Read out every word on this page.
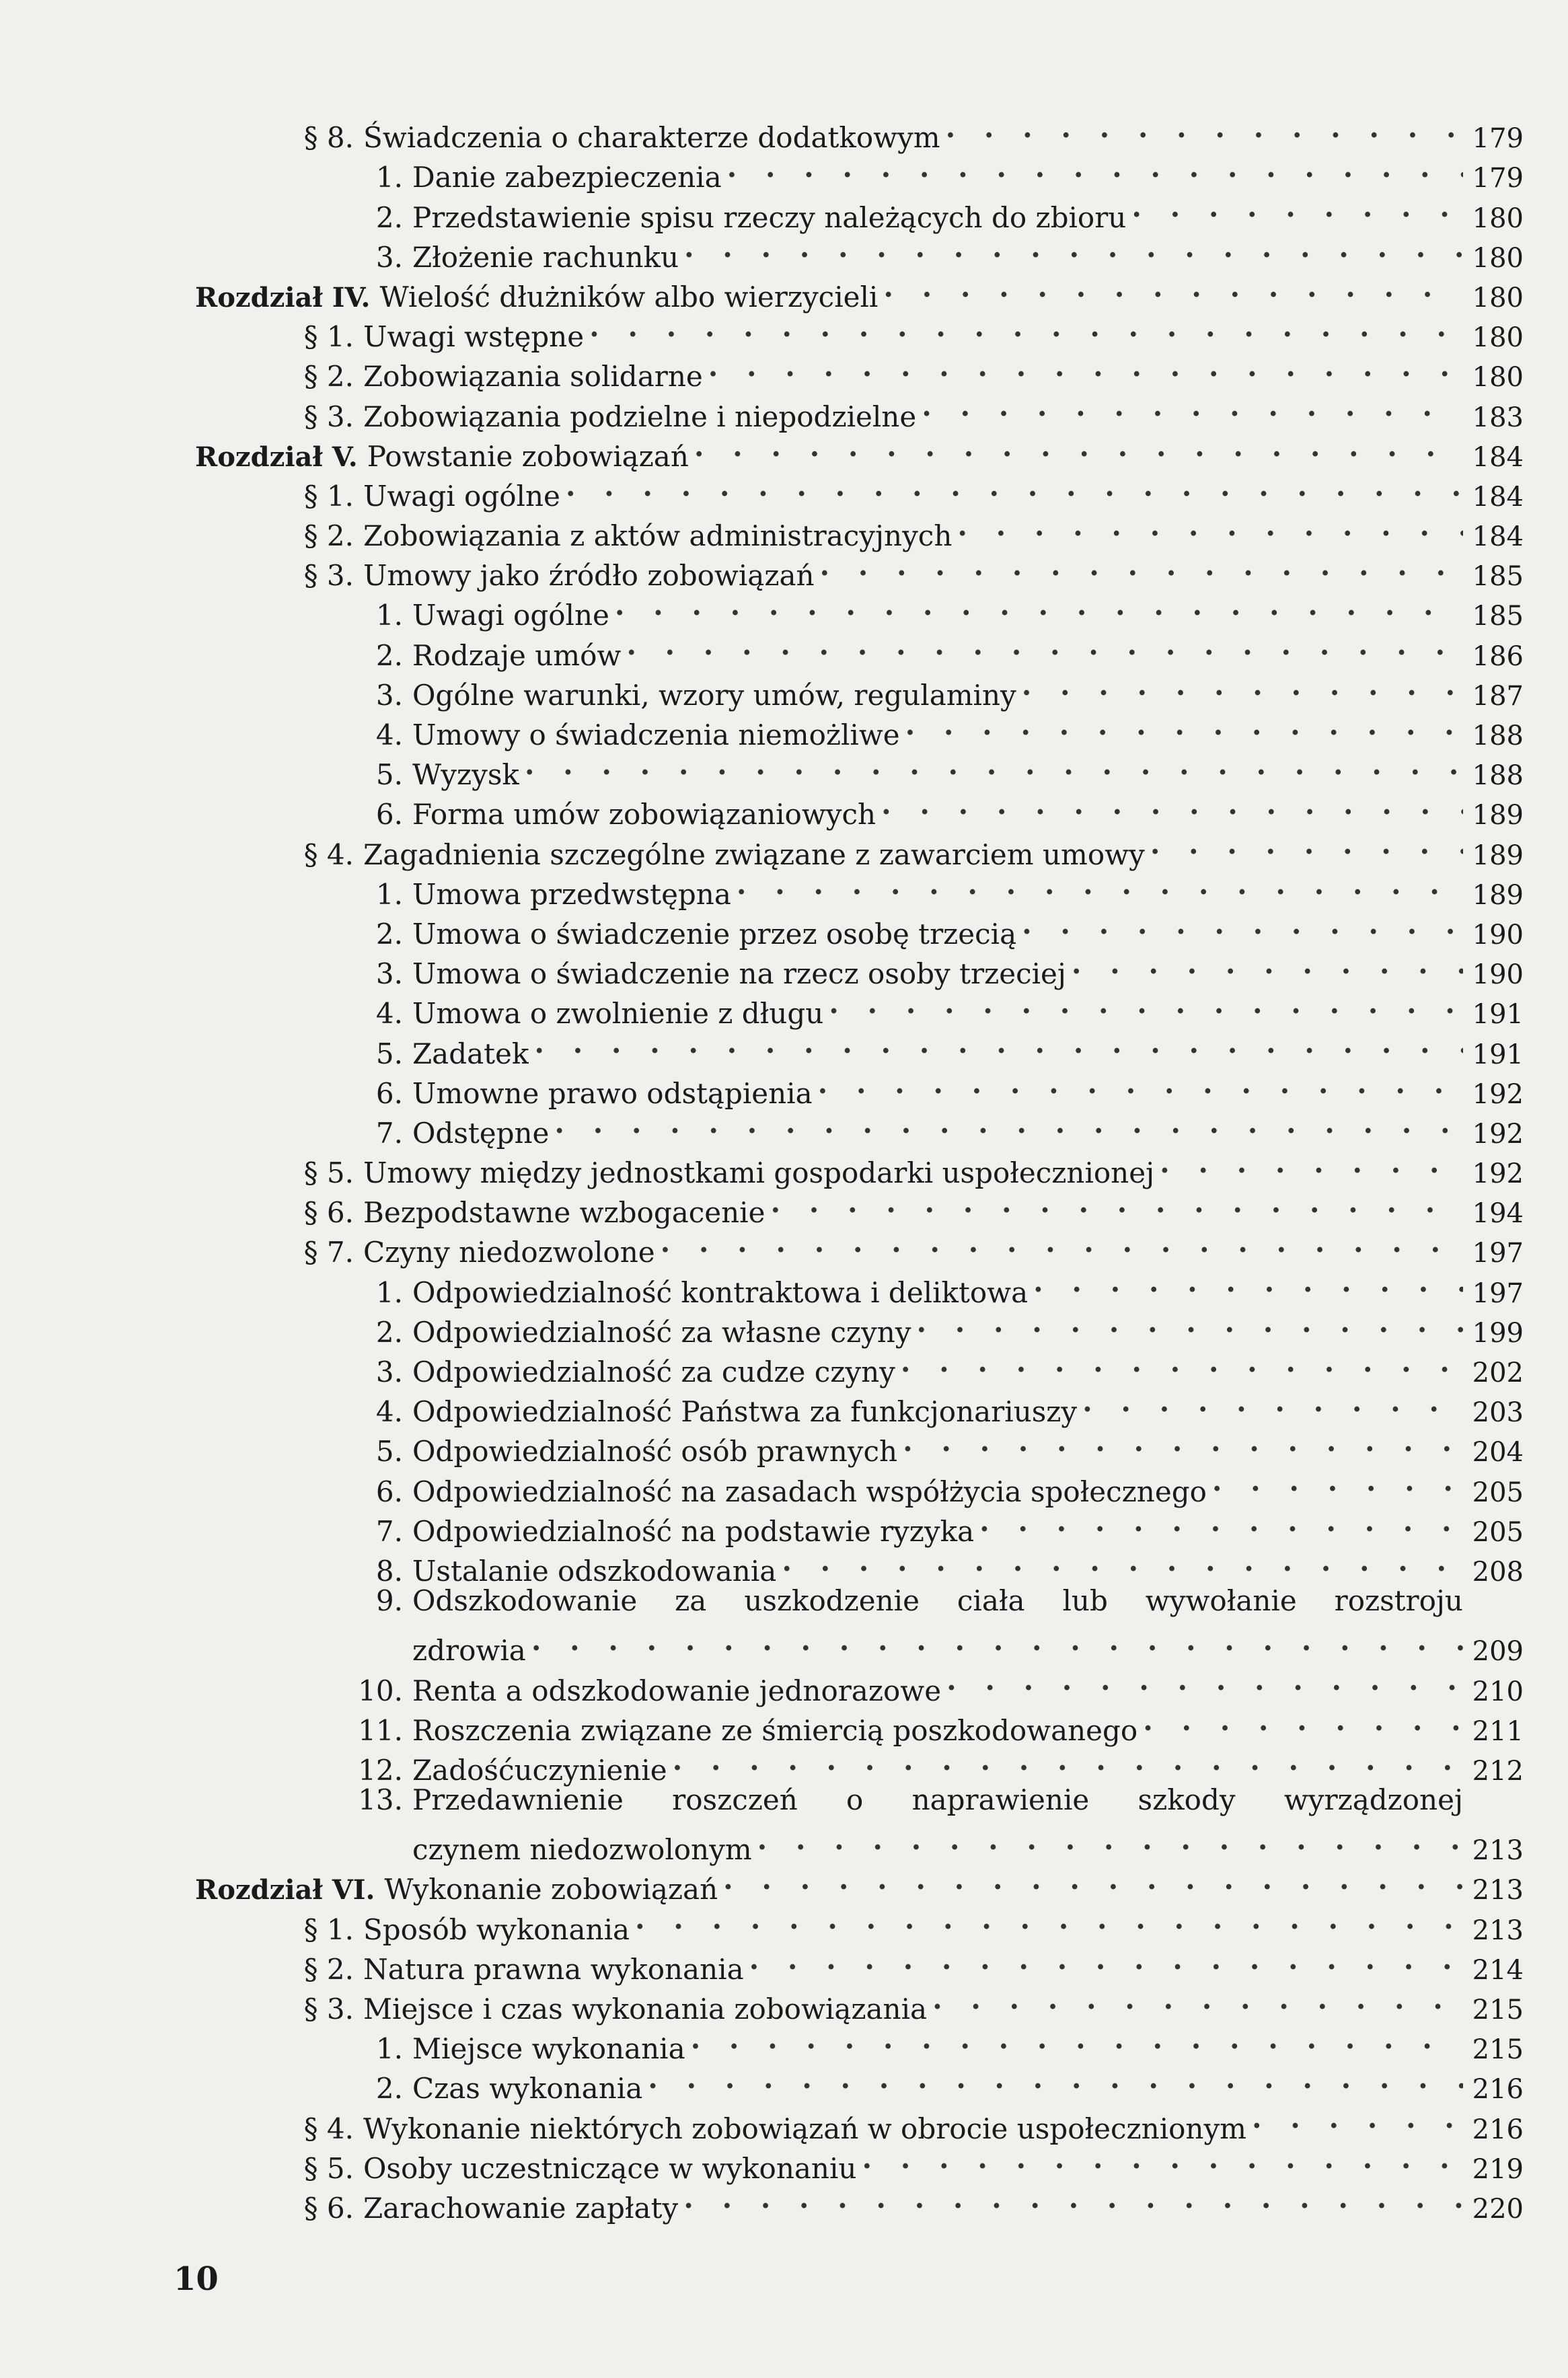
§ 8. Świadczenia o charakterze dodatkowym . . .	179
1. Danie zabezpieczenia . . .	179
2. Przedstawienie spisu rzeczy należących do zbioru . . .	180
3. Złożenie rachunku . . .	180
Rozdział IV. Wielość dłużników albo wierzycieli . . .	180
§ 1. Uwagi wstępne . . .	180
§ 2. Zobowiązania solidarne . . .	180
§ 3. Zobowiązania podzielne i niepodzielne . . .	183
Rozdział V. Powstanie zobowiązań . . .	184
§ 1. Uwagi ogólne . . .	184
§ 2. Zobowiązania z aktów administracyjnych . . .	184
§ 3. Umowy jako źródło zobowiązań . . .	185
1. Uwagi ogólne . . .	185
2. Rodzaje umów . . .	186
3. Ogólne warunki, wzory umów, regulaminy . . .	187
4. Umowy o świadczenia niemożliwe . . .	188
5. Wyzysk . . .	188
6. Forma umów zobowiązaniowych . . .	189
§ 4. Zagadnienia szczególne związane z zawarciem umowy . . .	189
1. Umowa przedwstępna . . .	189
2. Umowa o świadczenie przez osobę trzecią . . .	190
3. Umowa o świadczenie na rzecz osoby trzeciej . . .	190
4. Umowa o zwolnienie z długu . . .	191
5. Zadatek . . .	191
6. Umowne prawo odstąpienia . . .	192
7. Odstępne . . .	192
§ 5. Umowy między jednostkami gospodarki uspołecznionej . . .	192
§ 6. Bezpodstawne wzbogacenie . . .	194
§ 7. Czyny niedozwolone . . .	197
1. Odpowiedzialność kontraktowa i deliktowa . . .	197
2. Odpowiedzialność za własne czyny . . .	199
3. Odpowiedzialność za cudze czyny . . .	202
4. Odpowiedzialność Państwa za funkcjonariuszy . . .	203
5. Odpowiedzialność osób prawnych . . .	204
6. Odpowiedzialność na zasadach współżycia społecznego . . .	205
7. Odpowiedzialność na podstawie ryzyka . . .	205
8. Ustalanie odszkodowania . . .	208
9. Odszkodowanie za uszkodzenie ciała lub wywołanie rozstroju
zdrowia . . .	209
10. Renta a odszkodowanie jednorazowe . . .	210
11. Roszczenia związane ze śmiercią poszkodowanego . . .	211
12. Zadośćuczynienie . . .	212
13. Przedawnienie roszczeń o naprawienie szkody wyrządzonej
czynem niedozwolonym . . .	213
Rozdział VI. Wykonanie zobowiązań . . .	213
§ 1. Sposób wykonania . . .	213
§ 2. Natura prawna wykonania . . .	214
§ 3. Miejsce i czas wykonania zobowiązania . . .	215
1. Miejsce wykonania . . .	215
2. Czas wykonania . . .	216
§ 4. Wykonanie niektórych zobowiązań w obrocie uspołecznionym . . .	216
§ 5. Osoby uczestniczące w wykonaniu . . .	219
§ 6. Zarachowanie zapłaty . . .	220
10
